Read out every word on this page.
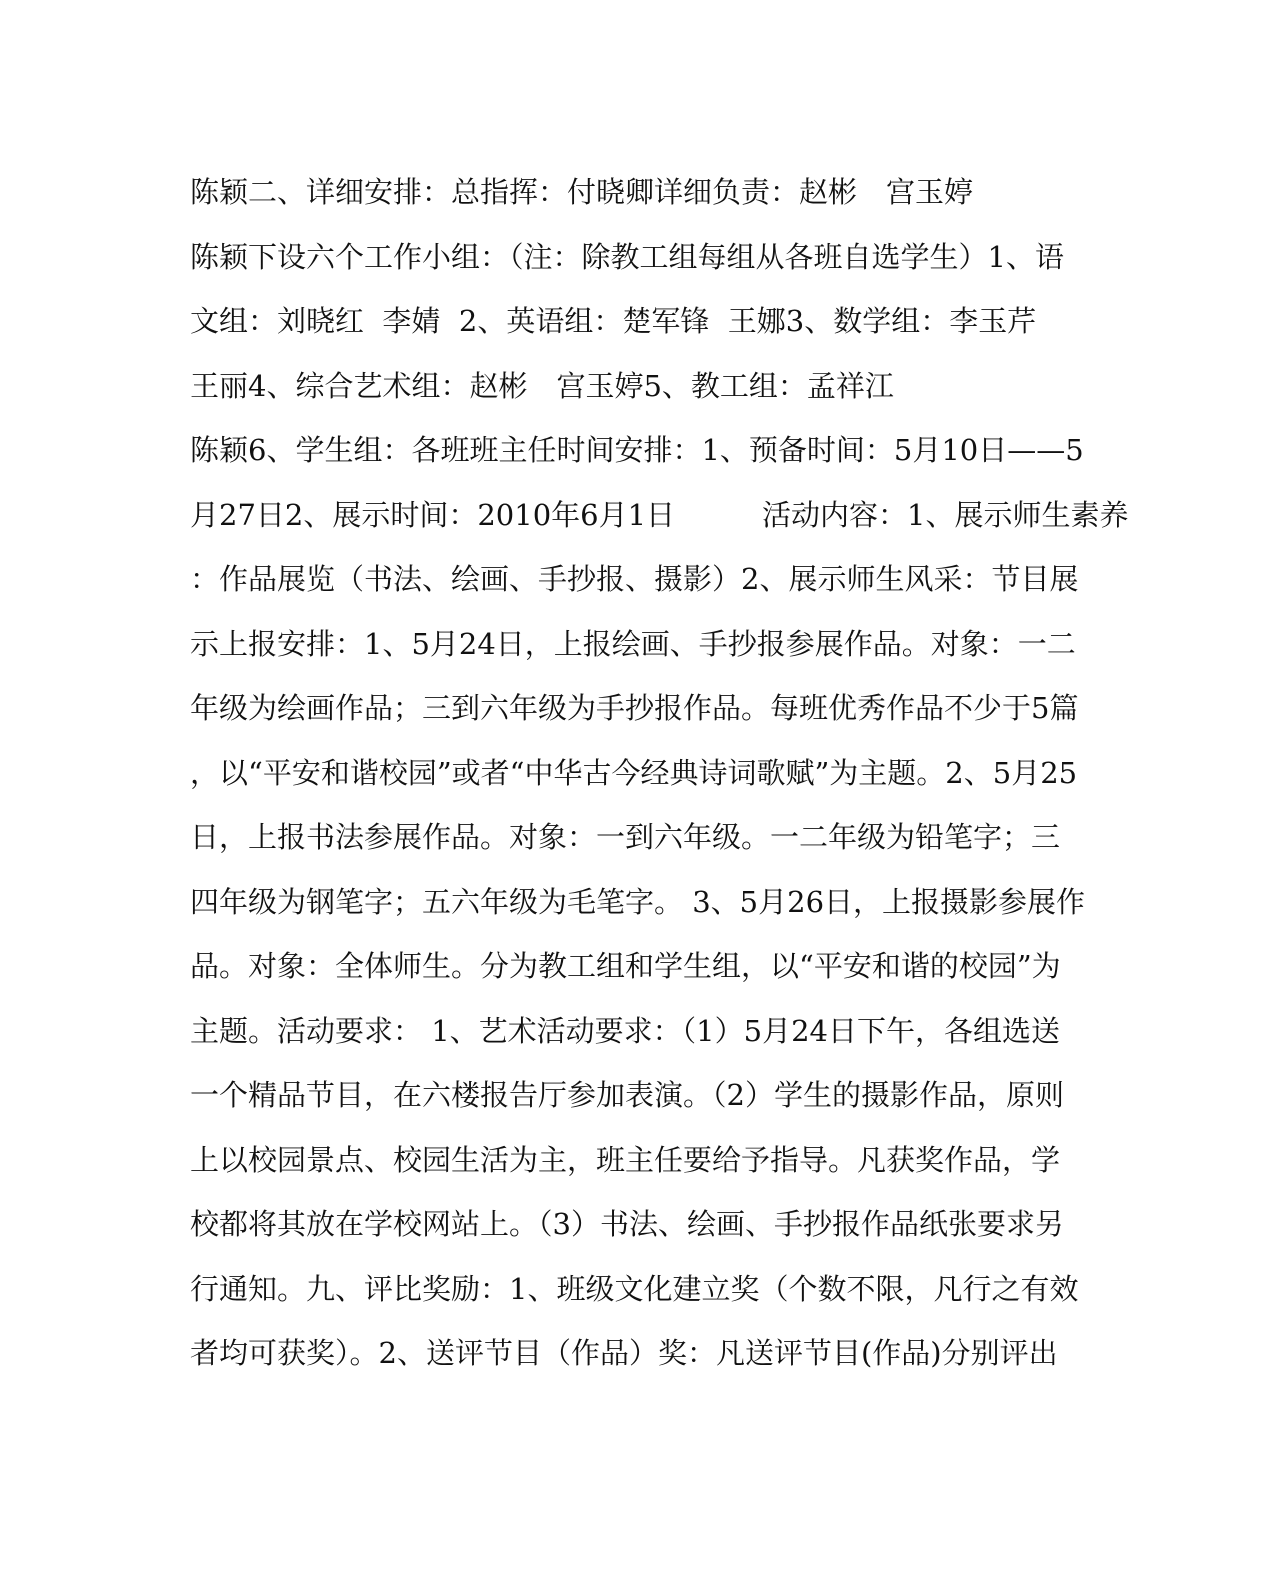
陈颖二、详细安排：总指挥：付晓卿详细负责：赵彬　宫玉婷
陈颖下设六个工作小组：（注：除教工组每组从各班自选学生）1、语
文组：刘晓红  李婧  2、英语组：楚军锋  王娜3、数学组：李玉芹
王丽4、综合艺术组：赵彬　宫玉婷5、教工组：孟祥江
陈颖6、学生组：各班班主任时间安排：1、预备时间：5月10日——5
月27日2、展示时间：2010年6月1日　　　活动内容：1、展示师生素养
：作品展览（书法、绘画、手抄报、摄影）2、展示师生风采：节目展
示上报安排：1、5月24日，上报绘画、手抄报参展作品。对象：一二
年级为绘画作品；三到六年级为手抄报作品。每班优秀作品不少于5篇
，以“平安和谐校园”或者“中华古今经典诗词歌赋”为主题。2、5月25
日，上报书法参展作品。对象：一到六年级。一二年级为铅笔字；三
四年级为钢笔字；五六年级为毛笔字。 3、5月26日，上报摄影参展作
品。对象：全体师生。分为教工组和学生组，以“平安和谐的校园”为
主题。活动要求： 1、艺术活动要求：（1）5月24日下午，各组选送
一个精品节目，在六楼报告厅参加表演。（2）学生的摄影作品，原则
上以校园景点、校园生活为主，班主任要给予指导。凡获奖作品，学
校都将其放在学校网站上。（3）书法、绘画、手抄报作品纸张要求另
行通知。九、评比奖励：1、班级文化建立奖（个数不限，凡行之有效
者均可获奖）。2、送评节目（作品）奖：凡送评节目(作品)分别评出
